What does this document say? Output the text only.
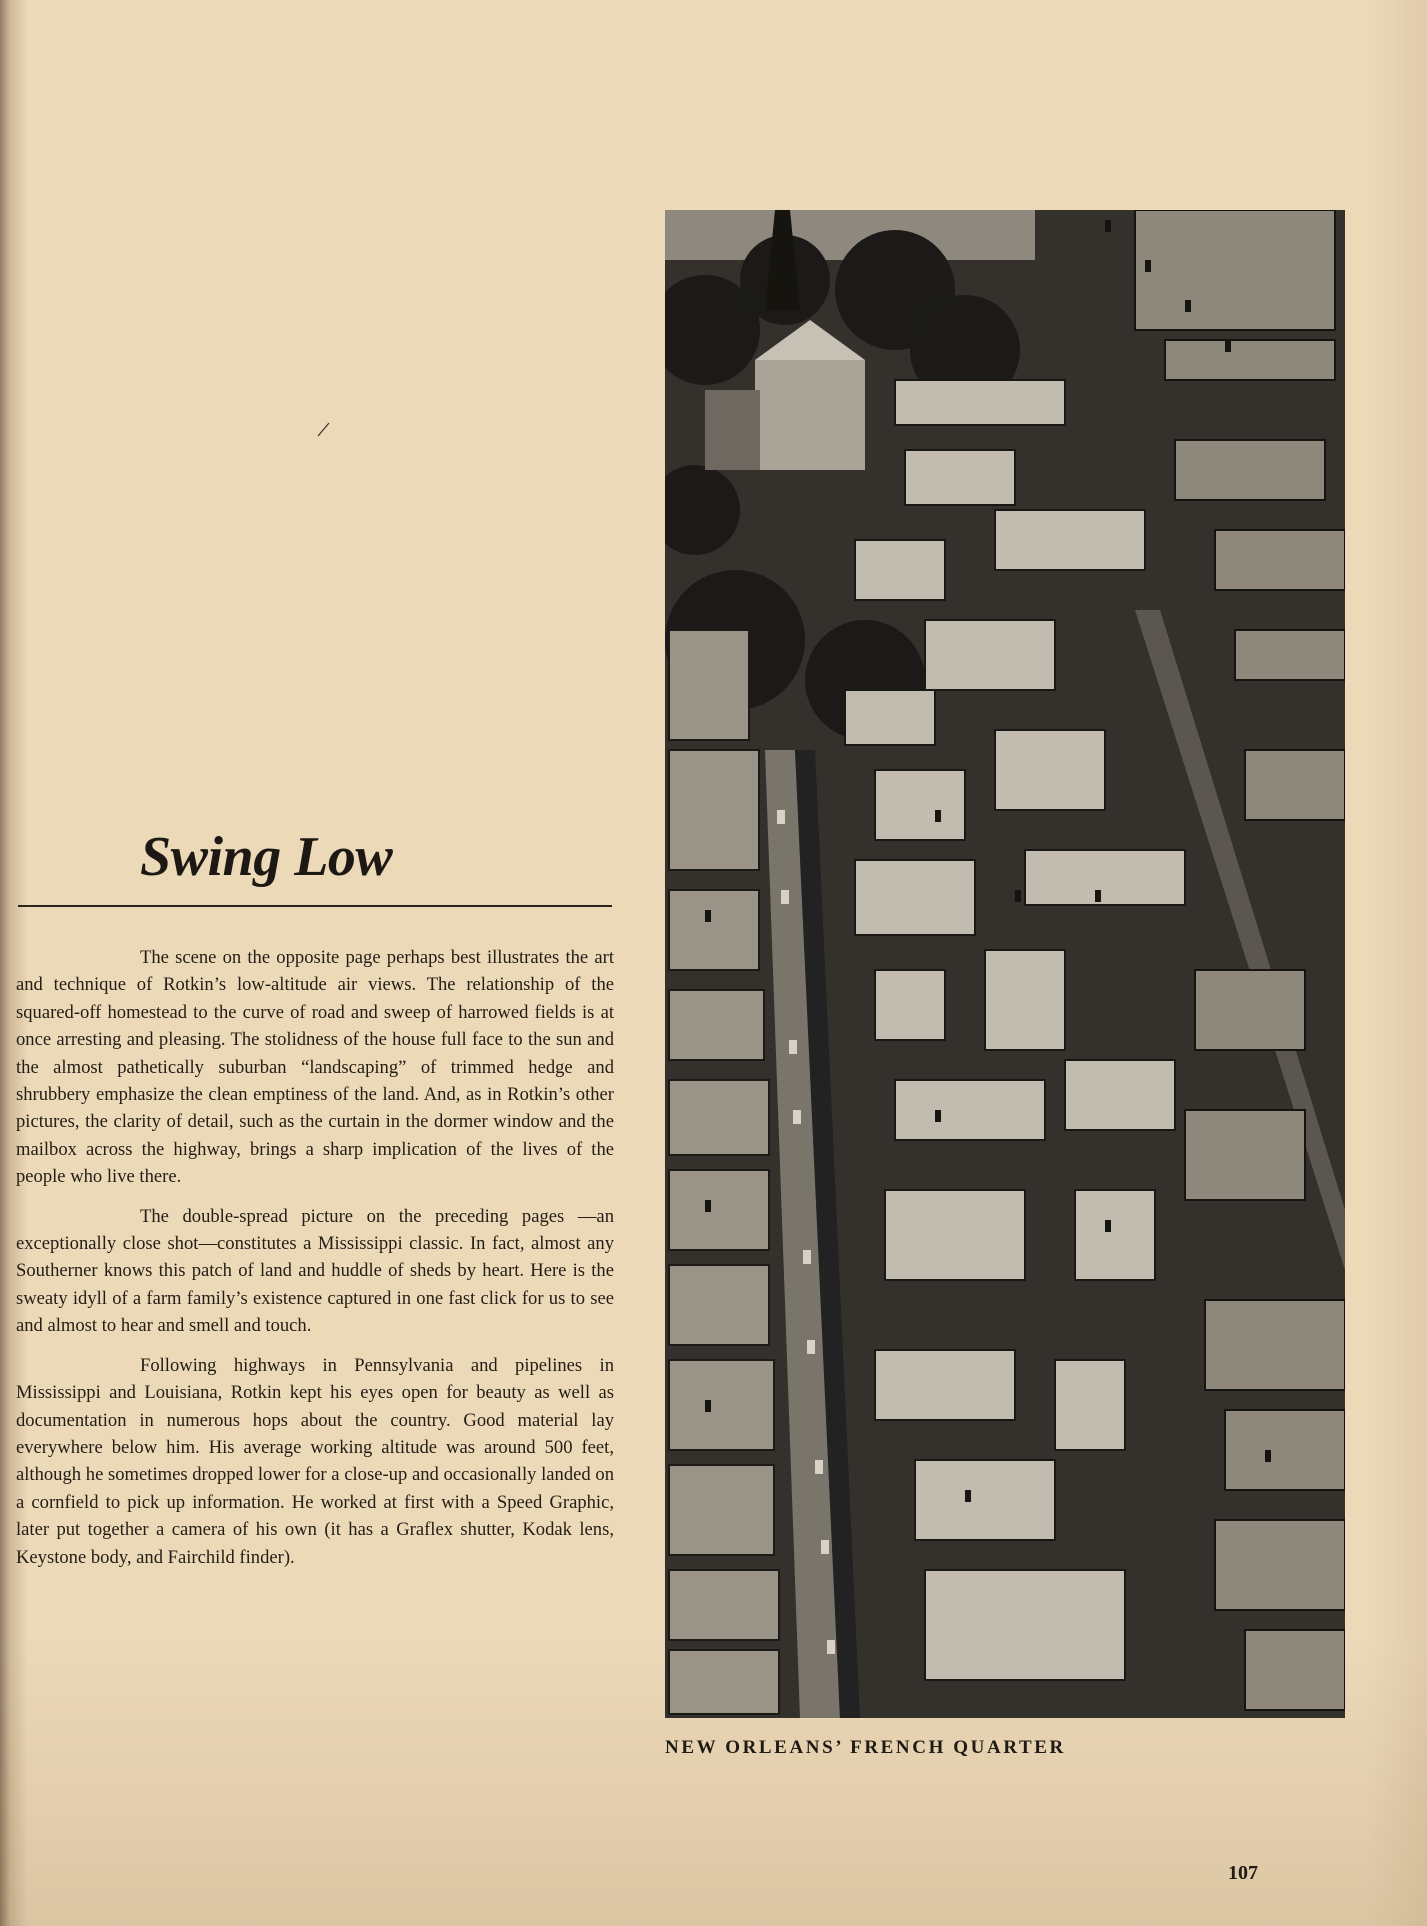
Swing Low

The scene on the opposite page perhaps best illustrates the art and technique of Rotkin’s low-altitude air views. The relationship of the squared-off homestead to the curve of road and sweep of harrowed fields is at once arresting and pleasing. The stolidness of the house full face to the sun and the almost pathetically suburban “landscaping” of trimmed hedge and shrubbery emphasize the clean emptiness of the land. And, as in Rotkin’s other pictures, the clarity of detail, such as the curtain in the dormer window and the mailbox across the highway, brings a sharp implication of the lives of the people who live there.

The double-spread picture on the preceding pages —an exceptionally close shot—constitutes a Mississippi classic. In fact, almost any Southerner knows this patch of land and huddle of sheds by heart. Here is the sweaty idyll of a farm family’s existence captured in one fast click for us to see and almost to hear and smell and touch.

Following highways in Pennsylvania and pipelines in Mississippi and Louisiana, Rotkin kept his eyes open for beauty as well as documentation in numerous hops about the country. Good material lay everywhere below him. His average working altitude was around 500 feet, although he sometimes dropped lower for a close-up and occasionally landed on a cornfield to pick up information. He worked at first with a Speed Graphic, later put together a camera of his own (it has a Graflex shutter, Kodak lens, Keystone body, and Fairchild finder).

NEW ORLEANS’ FRENCH QUARTER
107
